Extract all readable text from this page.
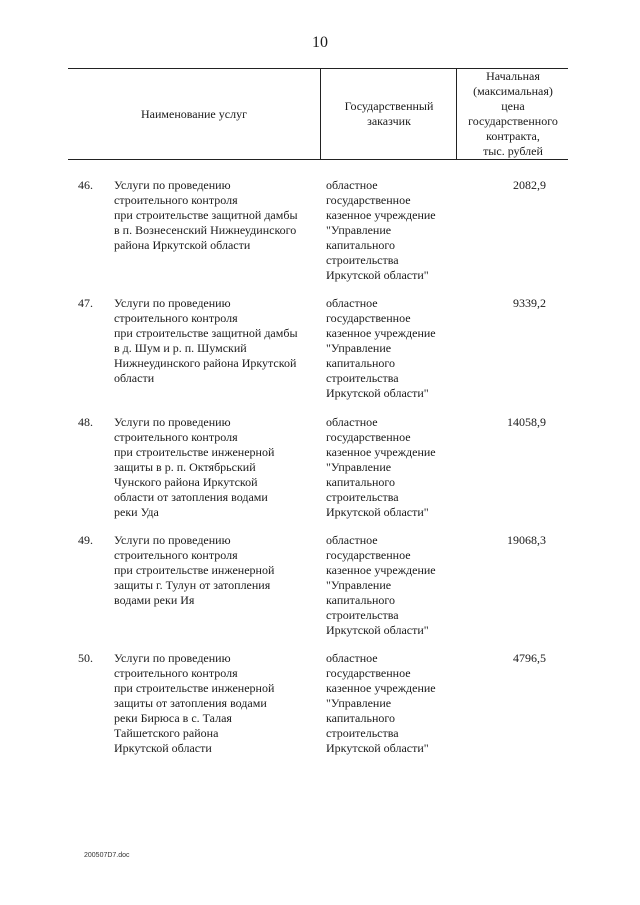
10
Наименование услуг
Государственный
заказчик
Начальная
(максимальная)
цена
государственного
контракта,
тыс. рублей
46. Услуги по проведению
строительного контроля
при строительстве защитной дамбы
в п. Вознесенский Нижнеудинского
района Иркутской области
областное
государственное
казенное учреждение
"Управление
капитального
строительства
Иркутской области"
2082,9
47. Услуги по проведению
строительного контроля
при строительстве защитной дамбы
в д. Шум и р. п. Шумский
Нижнеудинского района Иркутской
области
областное
государственное
казенное учреждение
"Управление
капитального
строительства
Иркутской области"
9339,2
48. Услуги по проведению
строительного контроля
при строительстве инженерной
защиты в р. п. Октябрьский
Чунского района Иркутской
области от затопления водами
реки Уда
областное
государственное
казенное учреждение
"Управление
капитального
строительства
Иркутской области"
14058,9
49. Услуги по проведению
строительного контроля
при строительстве инженерной
защиты г. Тулун от затопления
водами реки Ия
областное
государственное
казенное учреждение
"Управление
капитального
строительства
Иркутской области"
19068,3
50. Услуги по проведению
строительного контроля
при строительстве инженерной
защиты от затопления водами
реки Бирюса в с. Талая
Тайшетского района
Иркутской области
областное
государственное
казенное учреждение
"Управление
капитального
строительства
Иркутской области"
4796,5
200507D7.doc
